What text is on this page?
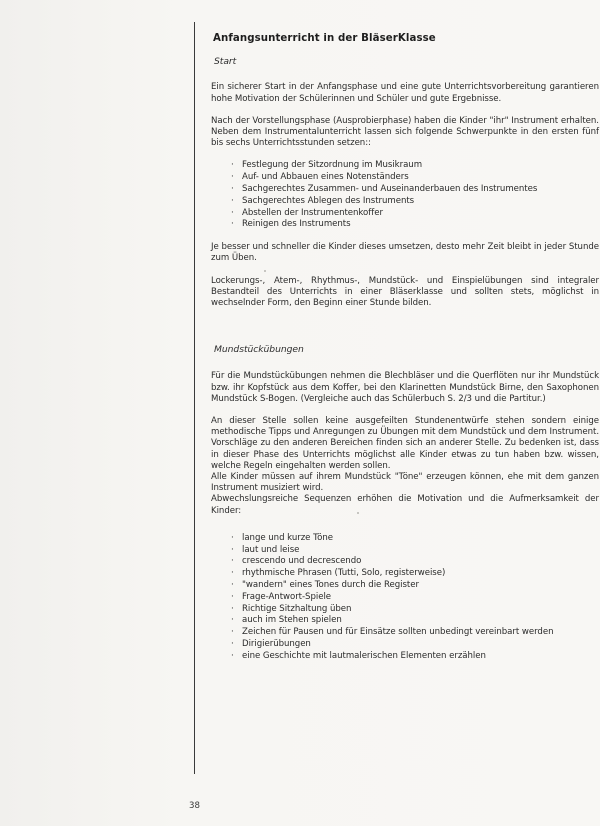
Anfangsunterricht in der BläserKlasse
Start

Ein sicherer Start in der Anfangsphase und eine gute Unterrichtsvorbereitung garantieren hohe Motivation der Schülerinnen und Schüler und gute Ergebnisse.

Nach der Vorstellungsphase (Ausprobierphase) haben die Kinder "ihr" Instrument erhalten. Neben dem Instrumentalunterricht lassen sich folgende Schwerpunkte in den ersten fünf bis sechs Unterrichtsstunden setzen::

· Festlegung der Sitzordnung im Musikraum
· Auf- und Abbauen eines Notenständers
· Sachgerechtes Zusammen- und Auseinanderbauen des Instrumentes
· Sachgerechtes Ablegen des Instruments
· Abstellen der Instrumentenkoffer
· Reinigen des Instruments

Je besser und schneller die Kinder dieses umsetzen, desto mehr Zeit bleibt in jeder Stunde zum Üben.

Lockerungs-, Atem-, Rhythmus-, Mundstück- und Einspielübungen sind integraler Bestandteil des Unterrichts in einer Bläserklasse und sollten stets, möglichst in wechselnder Form, den Beginn einer Stunde bilden.

Mundstückübungen

Für die Mundstückübungen nehmen die Blechbläser und die Querflöten nur ihr Mundstück bzw. ihr Kopfstück aus dem Koffer, bei den Klarinetten Mundstück Birne, den Saxophonen Mundstück S-Bogen. (Vergleiche auch das Schülerbuch S. 2/3 und die Partitur.)

An dieser Stelle sollen keine ausgefeilten Stundenentwürfe stehen sondern einige methodische Tipps und Anregungen zu Übungen mit dem Mundstück und dem Instrument. Vorschläge zu den anderen Bereichen finden sich an anderer Stelle. Zu bedenken ist, dass in dieser Phase des Unterrichts möglichst alle Kinder etwas zu tun haben bzw. wissen, welche Regeln eingehalten werden sollen.

Alle Kinder müssen auf ihrem Mundstück "Töne" erzeugen können, ehe mit dem ganzen Instrument musiziert wird.

Abwechslungsreiche Sequenzen erhöhen die Motivation und die Aufmerksamkeit der Kinder:

· lange und kurze Töne
· laut und leise
· crescendo und decrescendo
· rhythmische Phrasen (Tutti, Solo, registerweise)
· "wandern" eines Tones durch die Register
· Frage-Antwort-Spiele
· Richtige Sitzhaltung üben
· auch im Stehen spielen
· Zeichen für Pausen und für Einsätze sollten unbedingt vereinbart werden
· Dirigierübungen
· eine Geschichte mit lautmalerischen Elementen erzählen
38
